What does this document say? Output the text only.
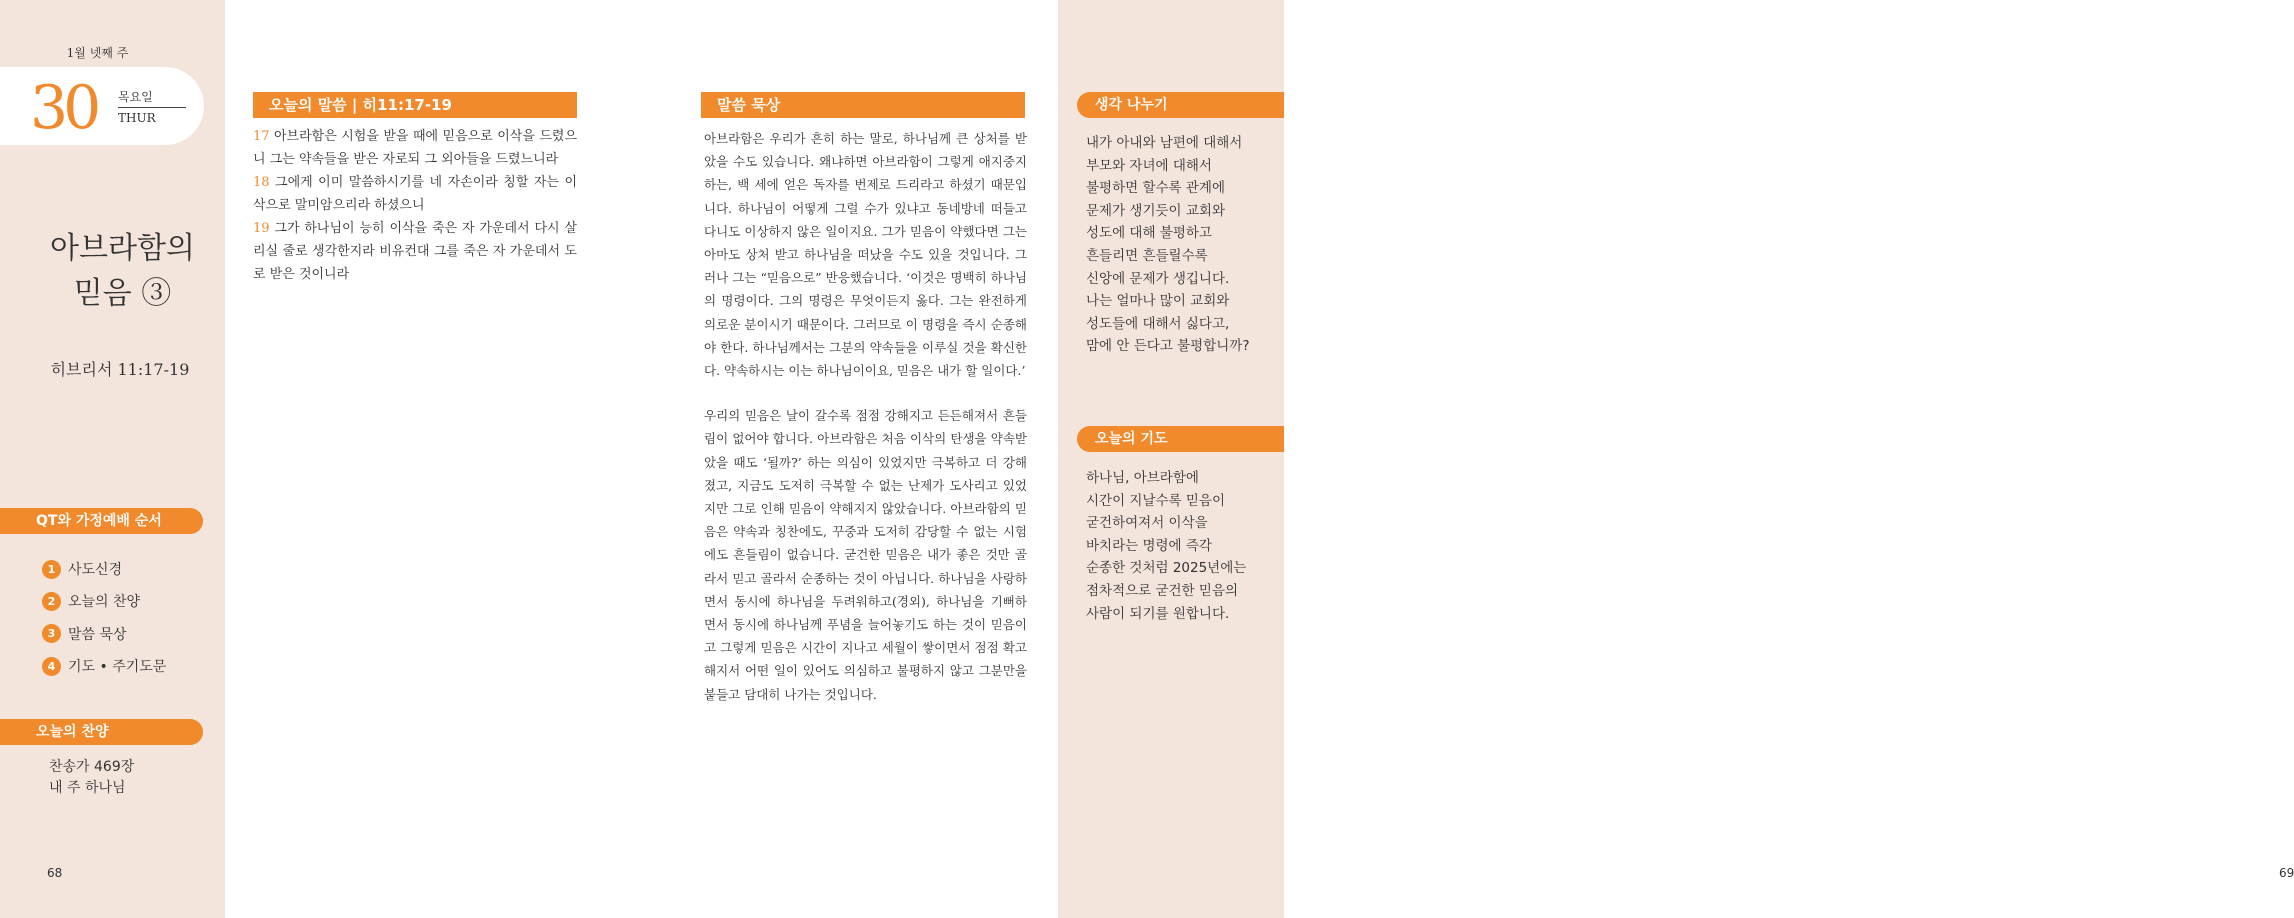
1월 넷째 주
30 목요일
THUR
아브라함의
믿음 ③
히브리서 11:17-19
QT와 가정예배 순서
1 사도신경
2 오늘의 찬양
3 말씀 묵상
4 기도 • 주기도문
오늘의 찬양
찬송가 469장
내 주 하나님
68
오늘의 말씀 | 히11:17-19
17 아브라함은 시험을 받을 때에 믿음으로 이삭을 드렸으니 그는 약속들을 받은 자로되 그 외아들을 드렸느니라
18 그에게 이미 말씀하시기를 네 자손이라 칭할 자는 이삭으로 말미암으리라 하셨으니
19 그가 하나님이 능히 이삭을 죽은 자 가운데서 다시 살리실 줄로 생각한지라 비유컨대 그를 죽은 자 가운데서 도로 받은 것이니라
말씀 묵상

아브라함은 우리가 흔히 하는 말로, 하나님께 큰 상처를 받았을 수도 있습니다. 왜냐하면 아브라함이 그렇게 애지중지하는, 백 세에 얻은 독자를 번제로 드리라고 하셨기 때문입니다. 하나님이 어떻게 그럴 수가 있냐고 동네방네 떠들고 다니도 이상하지 않은 일이지요. 그가 믿음이 약했다면 그는 아마도 상처 받고 하나님을 떠났을 수도 있을 것입니다. 그러나 그는 “믿음으로” 반응했습니다. ‘이것은 명백히 하나님의 명령이다. 그의 명령은 무엇이든지 옳다. 그는 완전하게 의로운 분이시기 때문이다. 그러므로 이 명령을 즉시 순종해야 한다. 하나님께서는 그분의 약속들을 이루실 것을 확신한다. 약속하시는 이는 하나님이이요, 믿음은 내가 할 일이다.’

우리의 믿음은 날이 갈수록 점점 강해지고 든든해져서 흔들림이 없어야 합니다. 아브라함은 처음 이삭의 탄생을 약속받았을 때도 ‘될까?’ 하는 의심이 있었지만 극복하고 더 강해졌고, 지금도 도저히 극복할 수 없는 난제가 도사리고 있었지만 그로 인해 믿음이 약해지지 않았습니다. 아브라함의 믿음은 약속과 칭찬에도, 꾸중과 도저히 감당할 수 없는 시험에도 흔들림이 없습니다. 굳건한 믿음은 내가 좋은 것만 골라서 믿고 골라서 순종하는 것이 아닙니다. 하나님을 사랑하면서 동시에 하나님을 두려워하고(경외), 하나님을 기뻐하면서 동시에 하나님께 푸념을 늘어놓기도 하는 것이 믿음이고 그렇게 믿음은 시간이 지나고 세월이 쌓이면서 점점 확고해지서 어떤 일이 있어도 의심하고 불평하지 않고 그분만을 붙들고 담대히 나가는 것입니다.

69
생각 나누기
내가 아내와 남편에 대해서
부모와 자녀에 대해서
불평하면 할수록 관계에
문제가 생기듯이 교회와
성도에 대해 불평하고
흔들리면 흔들릴수록
신앙에 문제가 생깁니다.
나는 얼마나 많이 교회와
성도들에 대해서 싫다고,
맘에 안 든다고 불평합니까?
오늘의 기도
하나님, 아브라함에
시간이 지날수록 믿음이
굳건하여져서 이삭을
바치라는 명령에 즉각
순종한 것처럼 2025년에는
점차적으로 굳건한 믿음의
사람이 되기를 원합니다.
